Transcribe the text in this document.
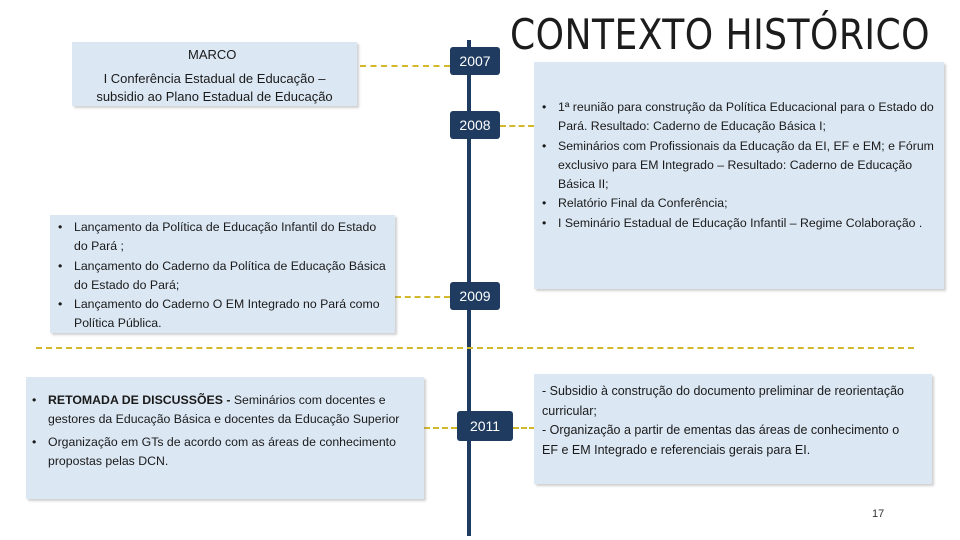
CONTEXTO HISTÓRICO
2007
2008
2009
2011
MARCO
I Conferência Estadual de Educação –
subsidio ao Plano Estadual de Educação
• 1ª reunião para construção da Política Educacional para o Estado do Pará. Resultado: Caderno de Educação Básica I;
• Seminários com Profissionais da Educação da EI, EF e EM; e Fórum exclusivo para EM Integrado – Resultado: Caderno de Educação Básica II;
• Relatório Final da Conferência;
• I Seminário Estadual de Educação Infantil – Regime Colaboração .
• Lançamento da Política de Educação Infantil do Estado do Pará ;
• Lançamento do Caderno da Política de Educação Básica do Estado do Pará;
• Lançamento do Caderno O EM Integrado no Pará como Política Pública.
• RETOMADA DE DISCUSSÕES - Seminários com docentes e gestores da Educação Básica e docentes da Educação Superior
• Organização em GTs de acordo com as áreas de conhecimento propostas pelas DCN.
- Subsidio à construção do documento preliminar de reorientação curricular;
- Organização a partir de ementas das áreas de conhecimento o EF e EM Integrado e referenciais gerais para EI.
17
